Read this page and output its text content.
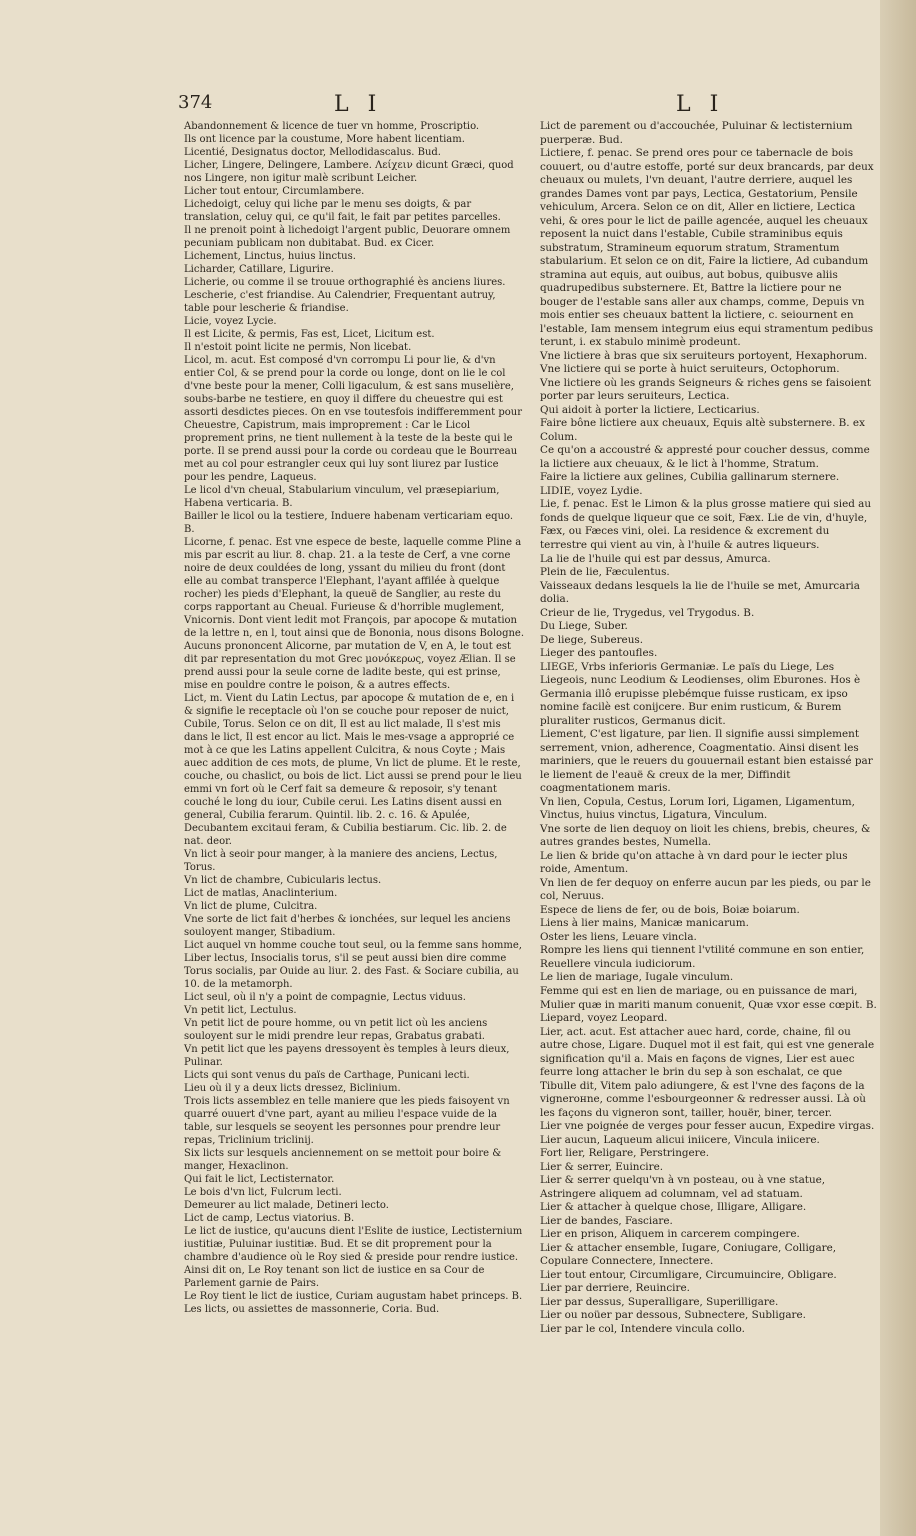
374	L I	L I

Abandonnement & licence de tuer vn homme, Proscriptio.

Ils ont licence par la coustume, More habent licentiam.

Licentié, Designatus doctor, Mellodidascalus. Bud.

Licher, Lingere, Delingere, Lambere. Λείχειν dicunt Græci, quod nos Lingere, non igitur malè scribunt Leicher.

Licher tout entour, Circumlambere.

Lichedoigt, celuy qui liche par le menu ses doigts, & par translation, celuy qui, ce qu'il fait, le fait par petites parcelles.

Il ne prenoit point à lichedoigt l'argent public, Deuorare omnem pecuniam publicam non dubitabat. Bud. ex Cicer.

Lichement, Linctus, huius linctus.

Licharder, Catillare, Ligurire.

Licherie, ou comme il se trouue orthographié ès anciens liures. Lescherie, c'est friandise. Au Calendrier, Frequentant autruy, table pour lescherie & friandise.

Licie, voyez Lycie.

Il est Licite, & permis, Fas est, Licet, Licitum est.

Il n'estoit point licite ne permis, Non licebat.

Licol, m. acut. Est composé d'vn corrompu Li pour lie, & d'vn entier Col, & se prend pour la corde ou longe, dont on lie le col d'vne beste pour la mener, Colli ligaculum, & est sans muselière, soubs-barbe ne testiere, en quoy il differe du cheuestre qui est assorti desdictes pieces. On en vse toutesfois indifferemment pour Cheuestre, Capistrum, mais improprement : Car le Licol proprement prins, ne tient nullement à la teste de la beste qui le porte. Il se prend aussi pour la corde ou cordeau que le Bourreau met au col pour estrangler ceux qui luy sont liurez par Iustice pour les pendre, Laqueus.

Le licol d'vn cheual, Stabularium vinculum, vel præsepiarium, Habena verticaria. B.

Bailler le licol ou la testiere, Induere habenam verticariam equo. B.

Licorne, f. penac. Est vne espece de beste, laquelle comme Pline a mis par escrit au liur. 8. chap. 21. a la teste de Cerf, a vne corne noire de deux couldées de long, yssant du milieu du front (dont elle au combat transperce l'Elephant, l'ayant affilée à quelque rocher) les pieds d'Elephant, la queuë de Sanglier, au reste du corps rapportant au Cheual. Furieuse & d'horrible muglement, Vnicornis. Dont vient ledit mot François, par apocope & mutation de la lettre n, en l, tout ainsi que de Bononia, nous disons Bologne. Aucuns prononcent Alicorne, par mutation de V, en A, le tout est dit par representation du mot Grec μονόκερως, voyez Ælian. Il se prend aussi pour la seule corne de ladite beste, qui est prinse, mise en pouldre contre le poison, & a autres effects.

Lict, m. Vient du Latin Lectus, par apocope & mutation de e, en i & signifie le receptacle où l'on se couche pour reposer de nuict, Cubile, Torus. Selon ce on dit, Il est au lict malade, Il s'est mis dans le lict, Il est encor au lict. Mais le mes-vsage a approprié ce mot à ce que les Latins appellent Culcitra, & nous Coyte ; Mais auec addition de ces mots, de plume, Vn lict de plume. Et le reste, couche, ou chaslict, ou bois de lict. Lict aussi se prend pour le lieu emmi vn fort où le Cerf fait sa demeure & reposoir, s'y tenant couché le long du iour, Cubile cerui. Les Latins disent aussi en general, Cubilia ferarum. Quintil. lib. 2. c. 16. & Apulée, Decubantem excitaui feram, & Cubilia bestiarum. Cic. lib. 2. de nat. deor.

Vn lict à seoir pour manger, à la maniere des anciens, Lectus, Torus.

Vn lict de chambre, Cubicularis lectus.

Lict de matlas, Anaclinterium.

Vn lict de plume, Culcitra.

Vne sorte de lict fait d'herbes & ionchées, sur lequel les anciens souloyent manger, Stibadium.

Lict auquel vn homme couche tout seul, ou la femme sans homme, Liber lectus, Insocialis torus, s'il se peut aussi bien dire comme Torus socialis, par Ouide au liur. 2. des Fast. & Sociare cubilia, au 10. de la metamorph.

Lict seul, où il n'y a point de compagnie, Lectus viduus.

Vn petit lict, Lectulus.

Vn petit lict de poure homme, ou vn petit lict où les anciens souloyent sur le midi prendre leur repas, Grabatus grabati.

Vn petit lict que les payens dressoyent ès temples à leurs dieux, Pulinar.

Licts qui sont venus du païs de Carthage, Punicani lecti.

Lieu où il y a deux licts dressez, Biclinium.

Trois licts assemblez en telle maniere que les pieds faisoyent vn quarré ouuert d'vne part, ayant au milieu l'espace vuide de la table, sur lesquels se seoyent les personnes pour prendre leur repas, Triclinium triclinij.

Six licts sur lesquels anciennement on se mettoit pour boire & manger, Hexaclinon.

Qui fait le lict, Lectisternator.

Le bois d'vn lict, Fulcrum lecti.

Demeurer au lict malade, Detineri lecto.

Lict de camp, Lectus viatorius. B.

Le lict de iustice, qu'aucuns dient l'Eslite de iustice, Lectisternium iustitiæ, Puluinar iustitiæ. Bud. Et se dit proprement pour la chambre d'audience où le Roy sied & preside pour rendre iustice. Ainsi dit on, Le Roy tenant son lict de iustice en sa Cour de Parlement garnie de Pairs.

Le Roy tient le lict de iustice, Curiam augustam habet princeps. B.

Les licts, ou assiettes de massonnerie, Coria. Bud.

Lict de parement ou d'accouchée, Puluinar & lectisternium puerperæ. Bud.

Lictiere, f. penac. Se prend ores pour ce tabernacle de bois couuert, ou d'autre estoffe, porté sur deux brancards, par deux cheuaux ou mulets, l'vn deuant, l'autre derriere, auquel les grandes Dames vont par pays, Lectica, Gestatorium, Pensile vehiculum, Arcera. Selon ce on dit, Aller en lictiere, Lectica vehi, & ores pour le lict de paille agencée, auquel les cheuaux reposent la nuict dans l'estable, Cubile straminibus equis substratum, Stramineum equorum stratum, Stramentum stabularium. Et selon ce on dit, Faire la lictiere, Ad cubandum stramina aut equis, aut ouibus, aut bobus, quibusve aliis quadrupedibus substernere. Et, Battre la lictiere pour ne bouger de l'estable sans aller aux champs, comme, Depuis vn mois entier ses cheuaux battent la lictiere, c. seiournent en l'estable, Iam mensem integrum eius equi stramentum pedibus terunt, i. ex stabulo minimè prodeunt.

Vne lictiere à bras que six seruiteurs portoyent, Hexaphorum.

Vne lictiere qui se porte à huict seruiteurs, Octophorum.

Vne lictiere où les grands Seigneurs & riches gens se faisoient porter par leurs seruiteurs, Lectica.

Qui aidoit à porter la lictiere, Lecticarius.

Faire bône lictiere aux cheuaux, Equis altè substernere. B. ex Colum.

Ce qu'on a accoustré & appresté pour coucher dessus, comme la lictiere aux cheuaux, & le lict à l'homme, Stratum.

Faire la lictiere aux gelines, Cubilia gallinarum sternere.

LIDIE, voyez Lydie.

Lie, f. penac. Est le Limon & la plus grosse matiere qui sied au fonds de quelque liqueur que ce soit, Fæx. Lie de vin, d'huyle, Fæx, ou Fæces vini, olei. La residence & excrement du terrestre qui vient au vin, à l'huile & autres liqueurs.

La lie de l'huile qui est par dessus, Amurca.

Plein de lie, Fæculentus.

Vaisseaux dedans lesquels la lie de l'huile se met, Amurcaria dolia.

Crieur de lie, Trygedus, vel Trygodus. B.

Du Liege, Suber.

De liege, Subereus.

Lieger des pantoufles.

LIEGE, Vrbs inferioris Germaniæ. Le païs du Liege, Les Liegeois, nunc Leodium & Leodienses, olim Eburones. Hos è Germania illô erupisse plebémque fuisse rusticam, ex ipso nomine facilè est conijcere. Bur enim rusticum, & Burem pluraliter rusticos, Germanus dicit.

Liement, C'est ligature, par lien. Il signifie aussi simplement serrement, vnion, adherence, Coagmentatio. Ainsi disent les mariniers, que le reuers du gouuernail estant bien estaissé par le liement de l'eauë & creux de la mer, Diffindit coagmentationem maris.

Vn lien, Copula, Cestus, Lorum Iori, Ligamen, Ligamentum, Vinctus, huius vinctus, Ligatura, Vinculum.

Vne sorte de lien dequoy on lioit les chiens, brebis, cheures, & autres grandes bestes, Numella.

Le lien & bride qu'on attache à vn dard pour le iecter plus roide, Amentum.

Vn lien de fer dequoy on enferre aucun par les pieds, ou par le col, Neruus.

Espece de liens de fer, ou de bois, Boiæ boiarum.

Liens à lier mains, Manicæ manicarum.

Oster les liens, Leuare vincla.

Rompre les liens qui tiennent l'vtilité commune en son entier, Reuellere vincula iudiciorum.

Le lien de mariage, Iugale vinculum.

Femme qui est en lien de mariage, ou en puissance de mari, Mulier quæ in mariti manum conuenit, Quæ vxor esse cœpit. B.

Liepard, voyez Leopard.

Lier, act. acut. Est attacher auec hard, corde, chaine, fil ou autre chose, Ligare. Duquel mot il est fait, qui est vne generale signification qu'il a. Mais en façons de vignes, Lier est auec feurre long attacher le brin du sep à son eschalat, ce que Tibulle dit, Vitem palo adiungere, & est l'vne des façons de la vignerонne, comme l'esbourgeonner & redresser aussi. Là où les façons du vigneron sont, tailler, houër, biner, tercer.

Lier vne poignée de verges pour fesser aucun, Expedire virgas.

Lier aucun, Laqueum alicui iniicere, Vincula iniicere.

Fort lier, Religare, Perstringere.

Lier & serrer, Euincire.

Lier & serrer quelqu'vn à vn posteau, ou à vne statue, Astringere aliquem ad columnam, vel ad statuam.

Lier & attacher à quelque chose, Illigare, Alligare.

Lier de bandes, Fasciare.

Lier en prison, Aliquem in carcerem compingere.

Lier & attacher ensemble, Iugare, Coniugare, Colligare, Copulare Connectere, Innectere.

Lier tout entour, Circumligare, Circumuincire, Obligare.

Lier par derriere, Reuincire.

Lier par dessus, Superalligare, Superilligare.

Lier ou noüer par dessous, Subnectere, Subligare.

Lier par le col, Intendere vincula collo.
